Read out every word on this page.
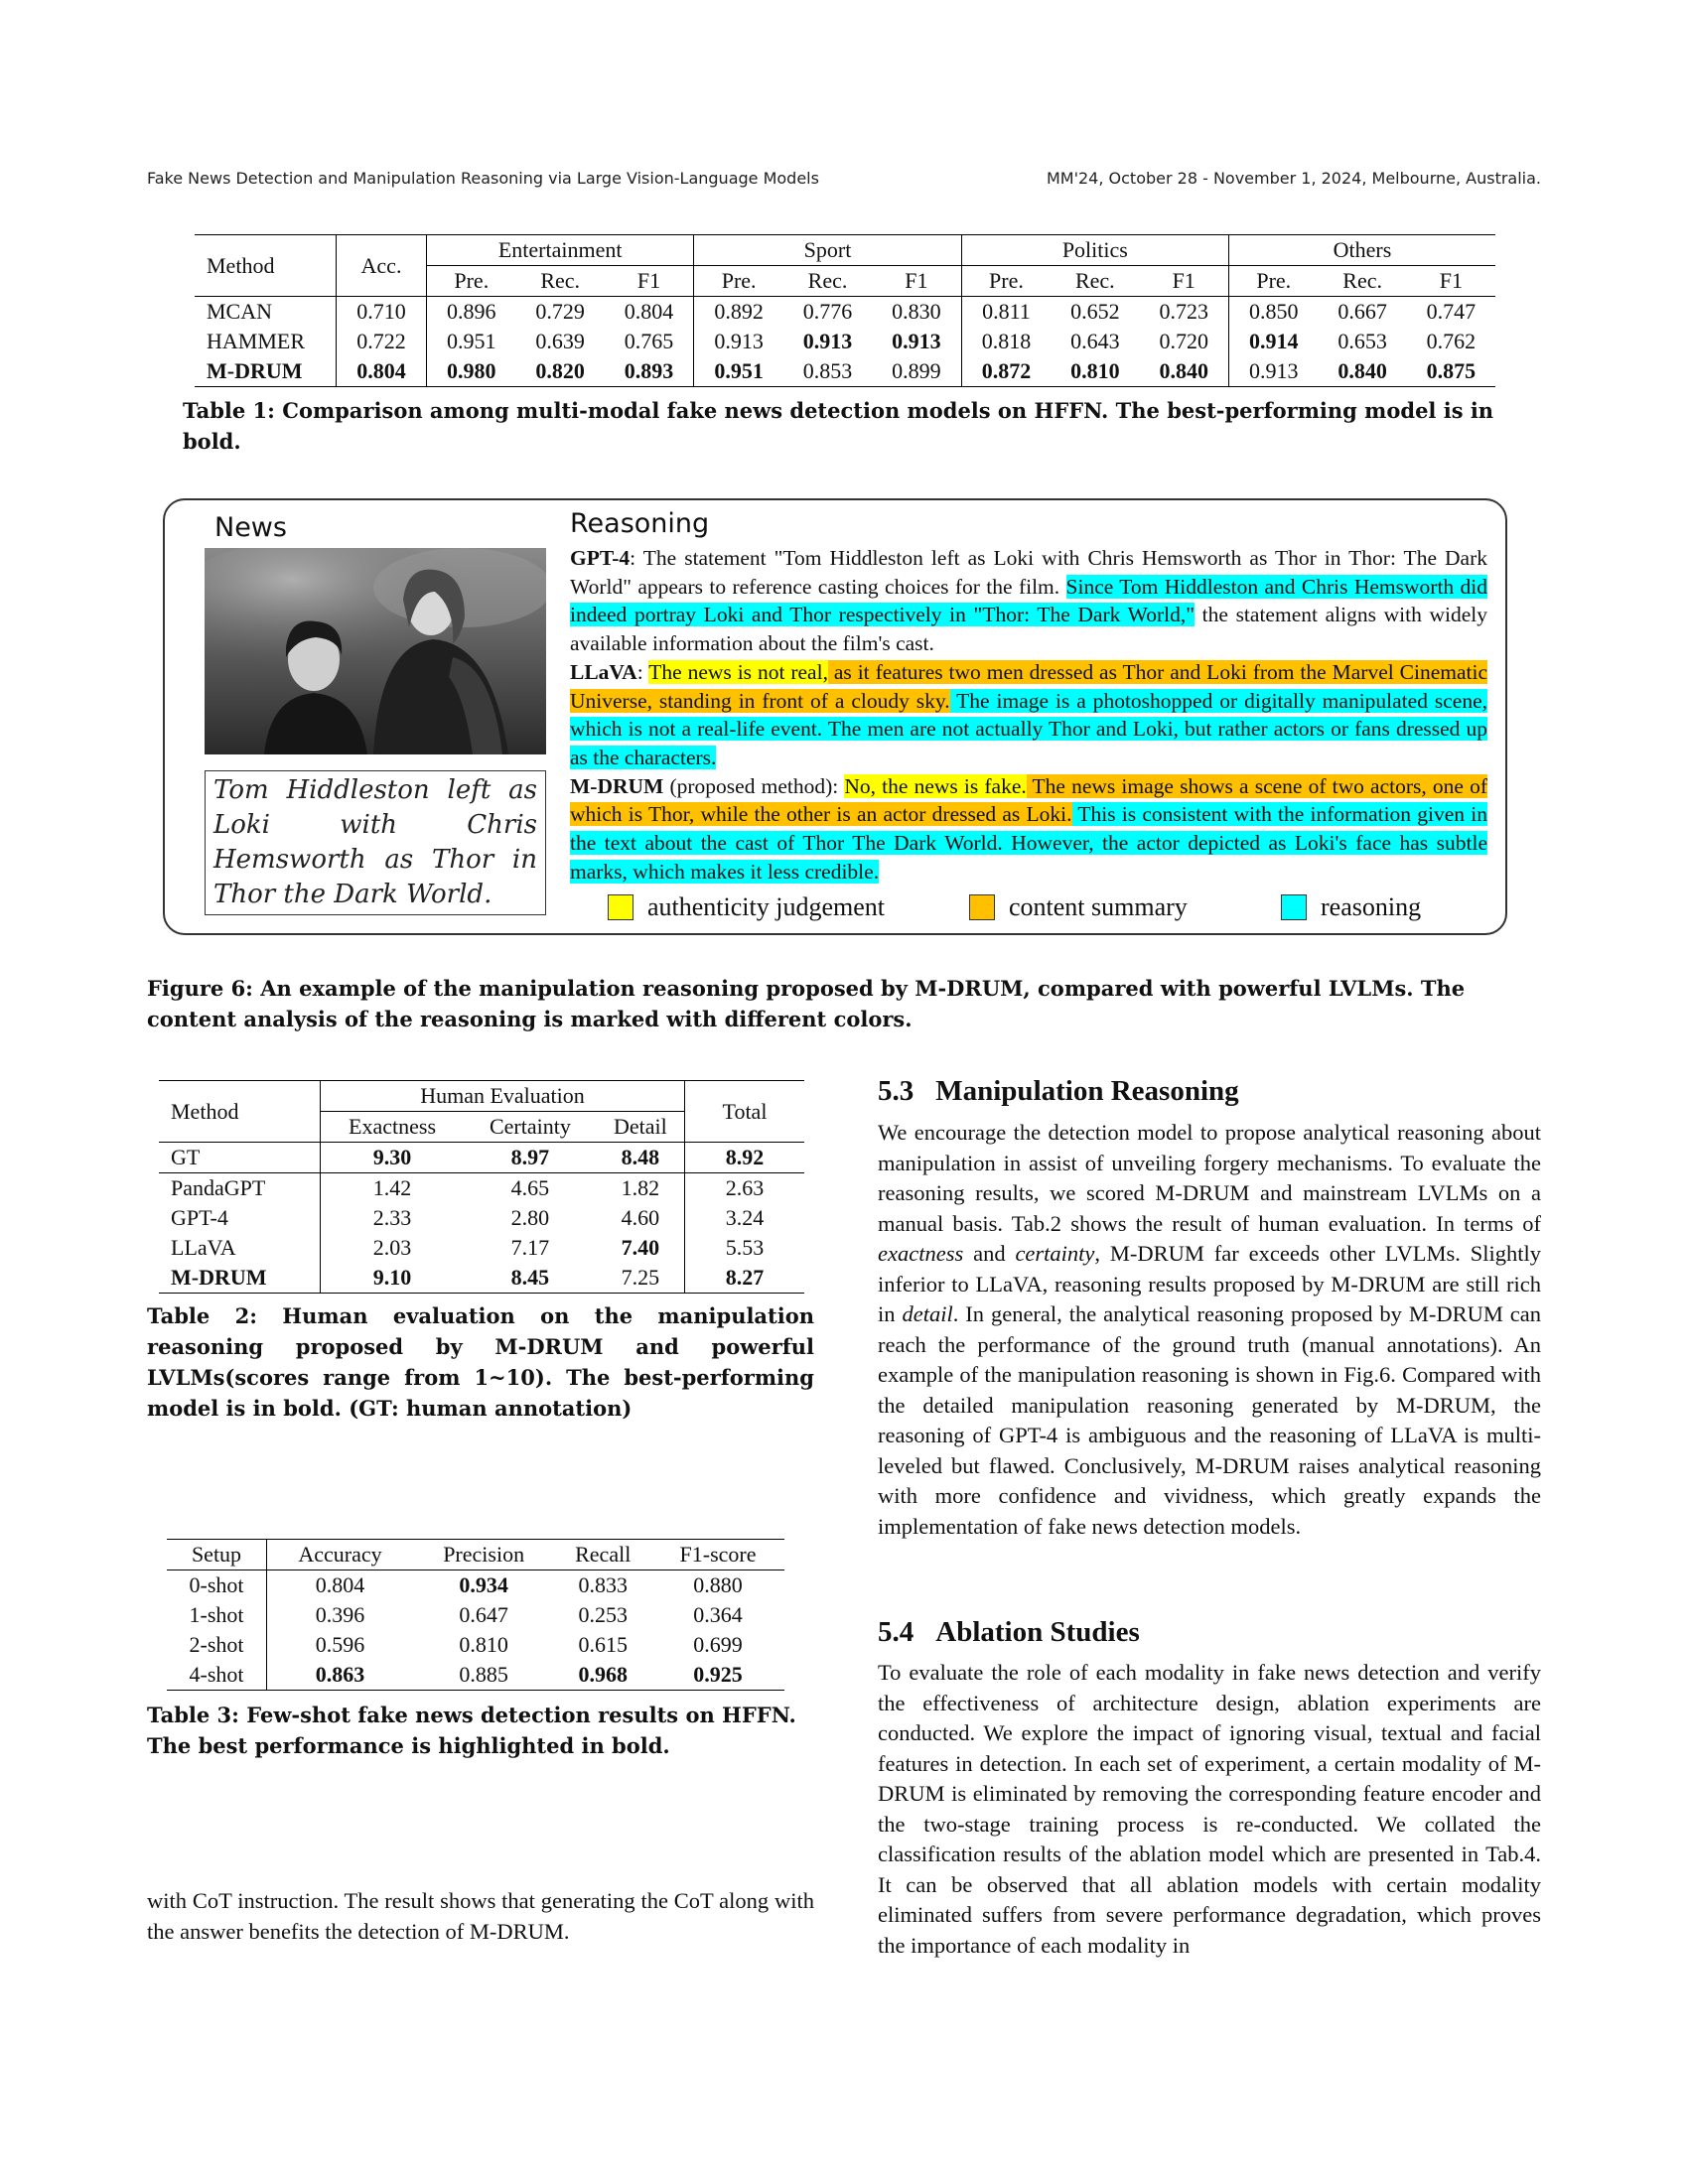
Fake News Detection and Manipulation Reasoning via Large Vision-Language Models	MM'24, October 28 - November 1, 2024, Melbourne, Australia.
Method	Acc.	Entertainment			Sport			Politics			Others		
		Pre.	Rec.	F1	Pre.	Rec.	F1	Pre.	Rec.	F1	Pre.	Rec.	F1
MCAN	0.710	0.896	0.729	0.804	0.892	0.776	0.830	0.811	0.652	0.723	0.850	0.667	0.747
HAMMER	0.722	0.951	0.639	0.765	0.913	0.913	0.913	0.818	0.643	0.720	0.914	0.653	0.762
M-DRUM	0.804	0.980	0.820	0.893	0.951	0.853	0.899	0.872	0.810	0.840	0.913	0.840	0.875
Table 1: Comparison among multi-modal fake news detection models on HFFN. The best-performing model is in bold.
News
Tom Hiddleston left as Loki with Chris Hemsworth as Thor in Thor the Dark World.
Reasoning
GPT-4: The statement "Tom Hiddleston left as Loki with Chris Hemsworth as Thor in Thor: The Dark World" appears to reference casting choices for the film. Since Tom Hiddleston and Chris Hemsworth did indeed portray Loki and Thor respectively in "Thor: The Dark World," the statement aligns with widely available information about the film's cast.
LLaVA: The news is not real, as it features two men dressed as Thor and Loki from the Marvel Cinematic Universe, standing in front of a cloudy sky. The image is a photoshopped or digitally manipulated scene, which is not a real-life event. The men are not actually Thor and Loki, but rather actors or fans dressed up as the characters.
M-DRUM (proposed method): No, the news is fake. The news image shows a scene of two actors, one of which is Thor, while the other is an actor dressed as Loki. This is consistent with the information given in the text about the cast of Thor The Dark World. However, the actor depicted as Loki's face has subtle marks, which makes it less credible.
authenticity judgement	content summary	reasoning
Figure 6: An example of the manipulation reasoning proposed by M-DRUM, compared with powerful LVLMs. The content analysis of the reasoning is marked with different colors.
Method	Human Evaluation			Total
	Exactness	Certainty	Detail	
GT	9.30	8.97	8.48	8.92
PandaGPT	1.42	4.65	1.82	2.63
GPT-4	2.33	2.80	4.60	3.24
LLaVA	2.03	7.17	7.40	5.53
M-DRUM	9.10	8.45	7.25	8.27
Table 2: Human evaluation on the manipulation reasoning proposed by M-DRUM and powerful LVLMs(scores range from 1~10). The best-performing model is in bold. (GT: human annotation)
Setup	Accuracy	Precision	Recall	F1-score
0-shot	0.804	0.934	0.833	0.880
1-shot	0.396	0.647	0.253	0.364
2-shot	0.596	0.810	0.615	0.699
4-shot	0.863	0.885	0.968	0.925
Table 3: Few-shot fake news detection results on HFFN. The best performance is highlighted in bold.
with CoT instruction. The result shows that generating the CoT along with the answer benefits the detection of M-DRUM.
5.3 Manipulation Reasoning
We encourage the detection model to propose analytical reasoning about manipulation in assist of unveiling forgery mechanisms. To evaluate the reasoning results, we scored M-DRUM and mainstream LVLMs on a manual basis. Tab.2 shows the result of human evaluation. In terms of exactness and certainty, M-DRUM far exceeds other LVLMs. Slightly inferior to LLaVA, reasoning results proposed by M-DRUM are still rich in detail. In general, the analytical reasoning proposed by M-DRUM can reach the performance of the ground truth (manual annotations). An example of the manipulation reasoning is shown in Fig.6. Compared with the detailed manipulation reasoning generated by M-DRUM, the reasoning of GPT-4 is ambiguous and the reasoning of LLaVA is multi-leveled but flawed. Conclusively, M-DRUM raises analytical reasoning with more confidence and vividness, which greatly expands the implementation of fake news detection models.
5.4 Ablation Studies
To evaluate the role of each modality in fake news detection and verify the effectiveness of architecture design, ablation experiments are conducted. We explore the impact of ignoring visual, textual and facial features in detection. In each set of experiment, a certain modality of M-DRUM is eliminated by removing the corresponding feature encoder and the two-stage training process is re-conducted. We collated the classification results of the ablation model which are presented in Tab.4. It can be observed that all ablation models with certain modality eliminated suffers from severe performance degradation, which proves the importance of each modality in
